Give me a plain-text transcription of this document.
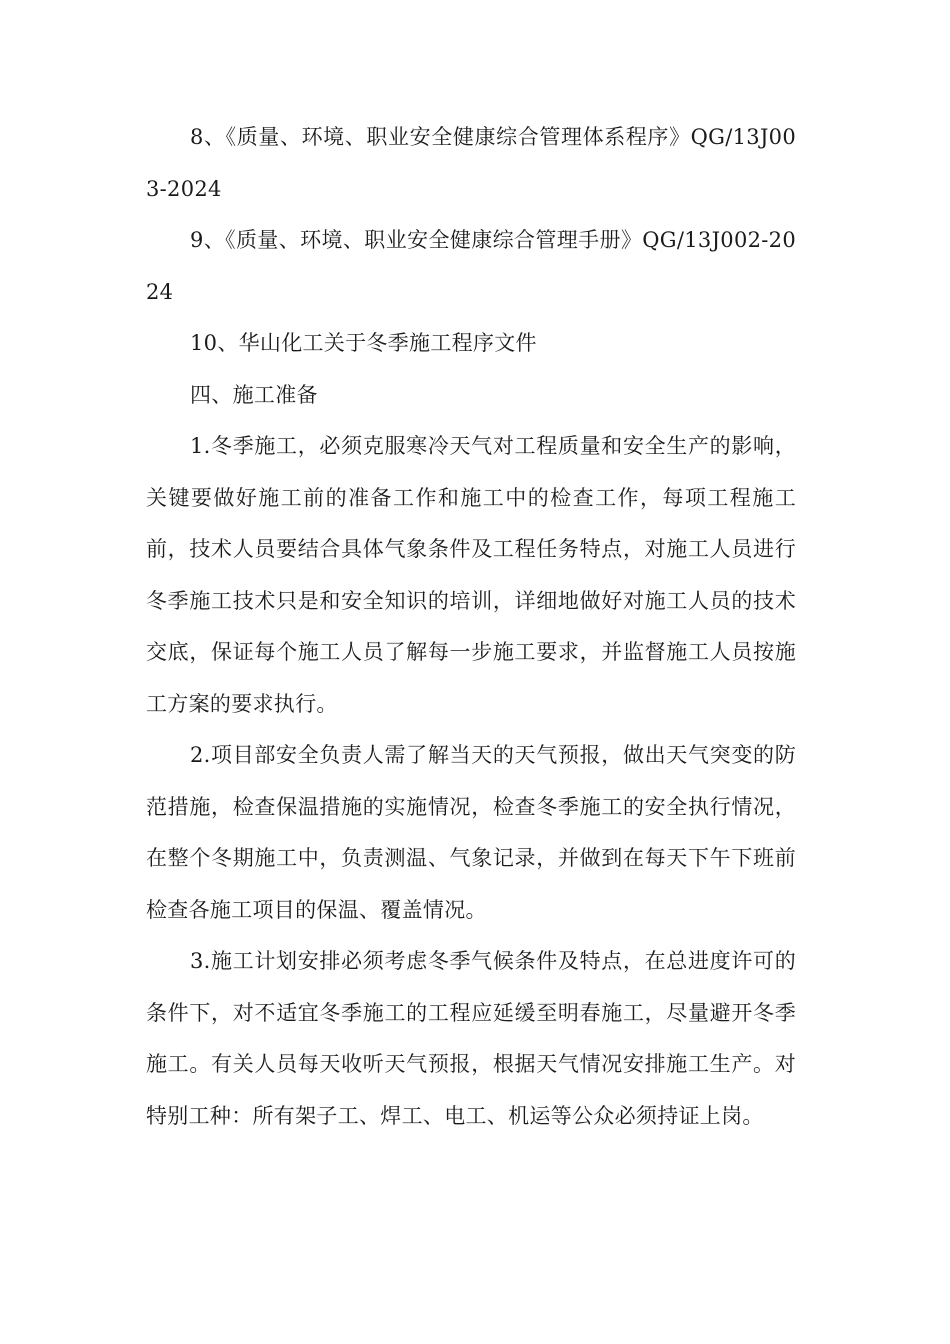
8、《质量、环境、职业安全健康综合管理体系程序》QG/13J003-2024

9、《质量、环境、职业安全健康综合管理手册》QG/13J002-2024

10、华山化工关于冬季施工程序文件

四、施工准备

1.冬季施工，必须克服寒冷天气对工程质量和安全生产的影响，关键要做好施工前的准备工作和施工中的检查工作，每项工程施工前，技术人员要结合具体气象条件及工程任务特点，对施工人员进行冬季施工技术只是和安全知识的培训，详细地做好对施工人员的技术交底，保证每个施工人员了解每一步施工要求，并监督施工人员按施工方案的要求执行。

2.项目部安全负责人需了解当天的天气预报，做出天气突变的防范措施，检查保温措施的实施情况，检查冬季施工的安全执行情况，在整个冬期施工中，负责测温、气象记录，并做到在每天下午下班前检查各施工项目的保温、覆盖情况。

3.施工计划安排必须考虑冬季气候条件及特点，在总进度许可的条件下，对不适宜冬季施工的工程应延缓至明春施工，尽量避开冬季施工。有关人员每天收听天气预报，根据天气情况安排施工生产。对特别工种：所有架子工、焊工、电工、机运等公众必须持证上岗。
